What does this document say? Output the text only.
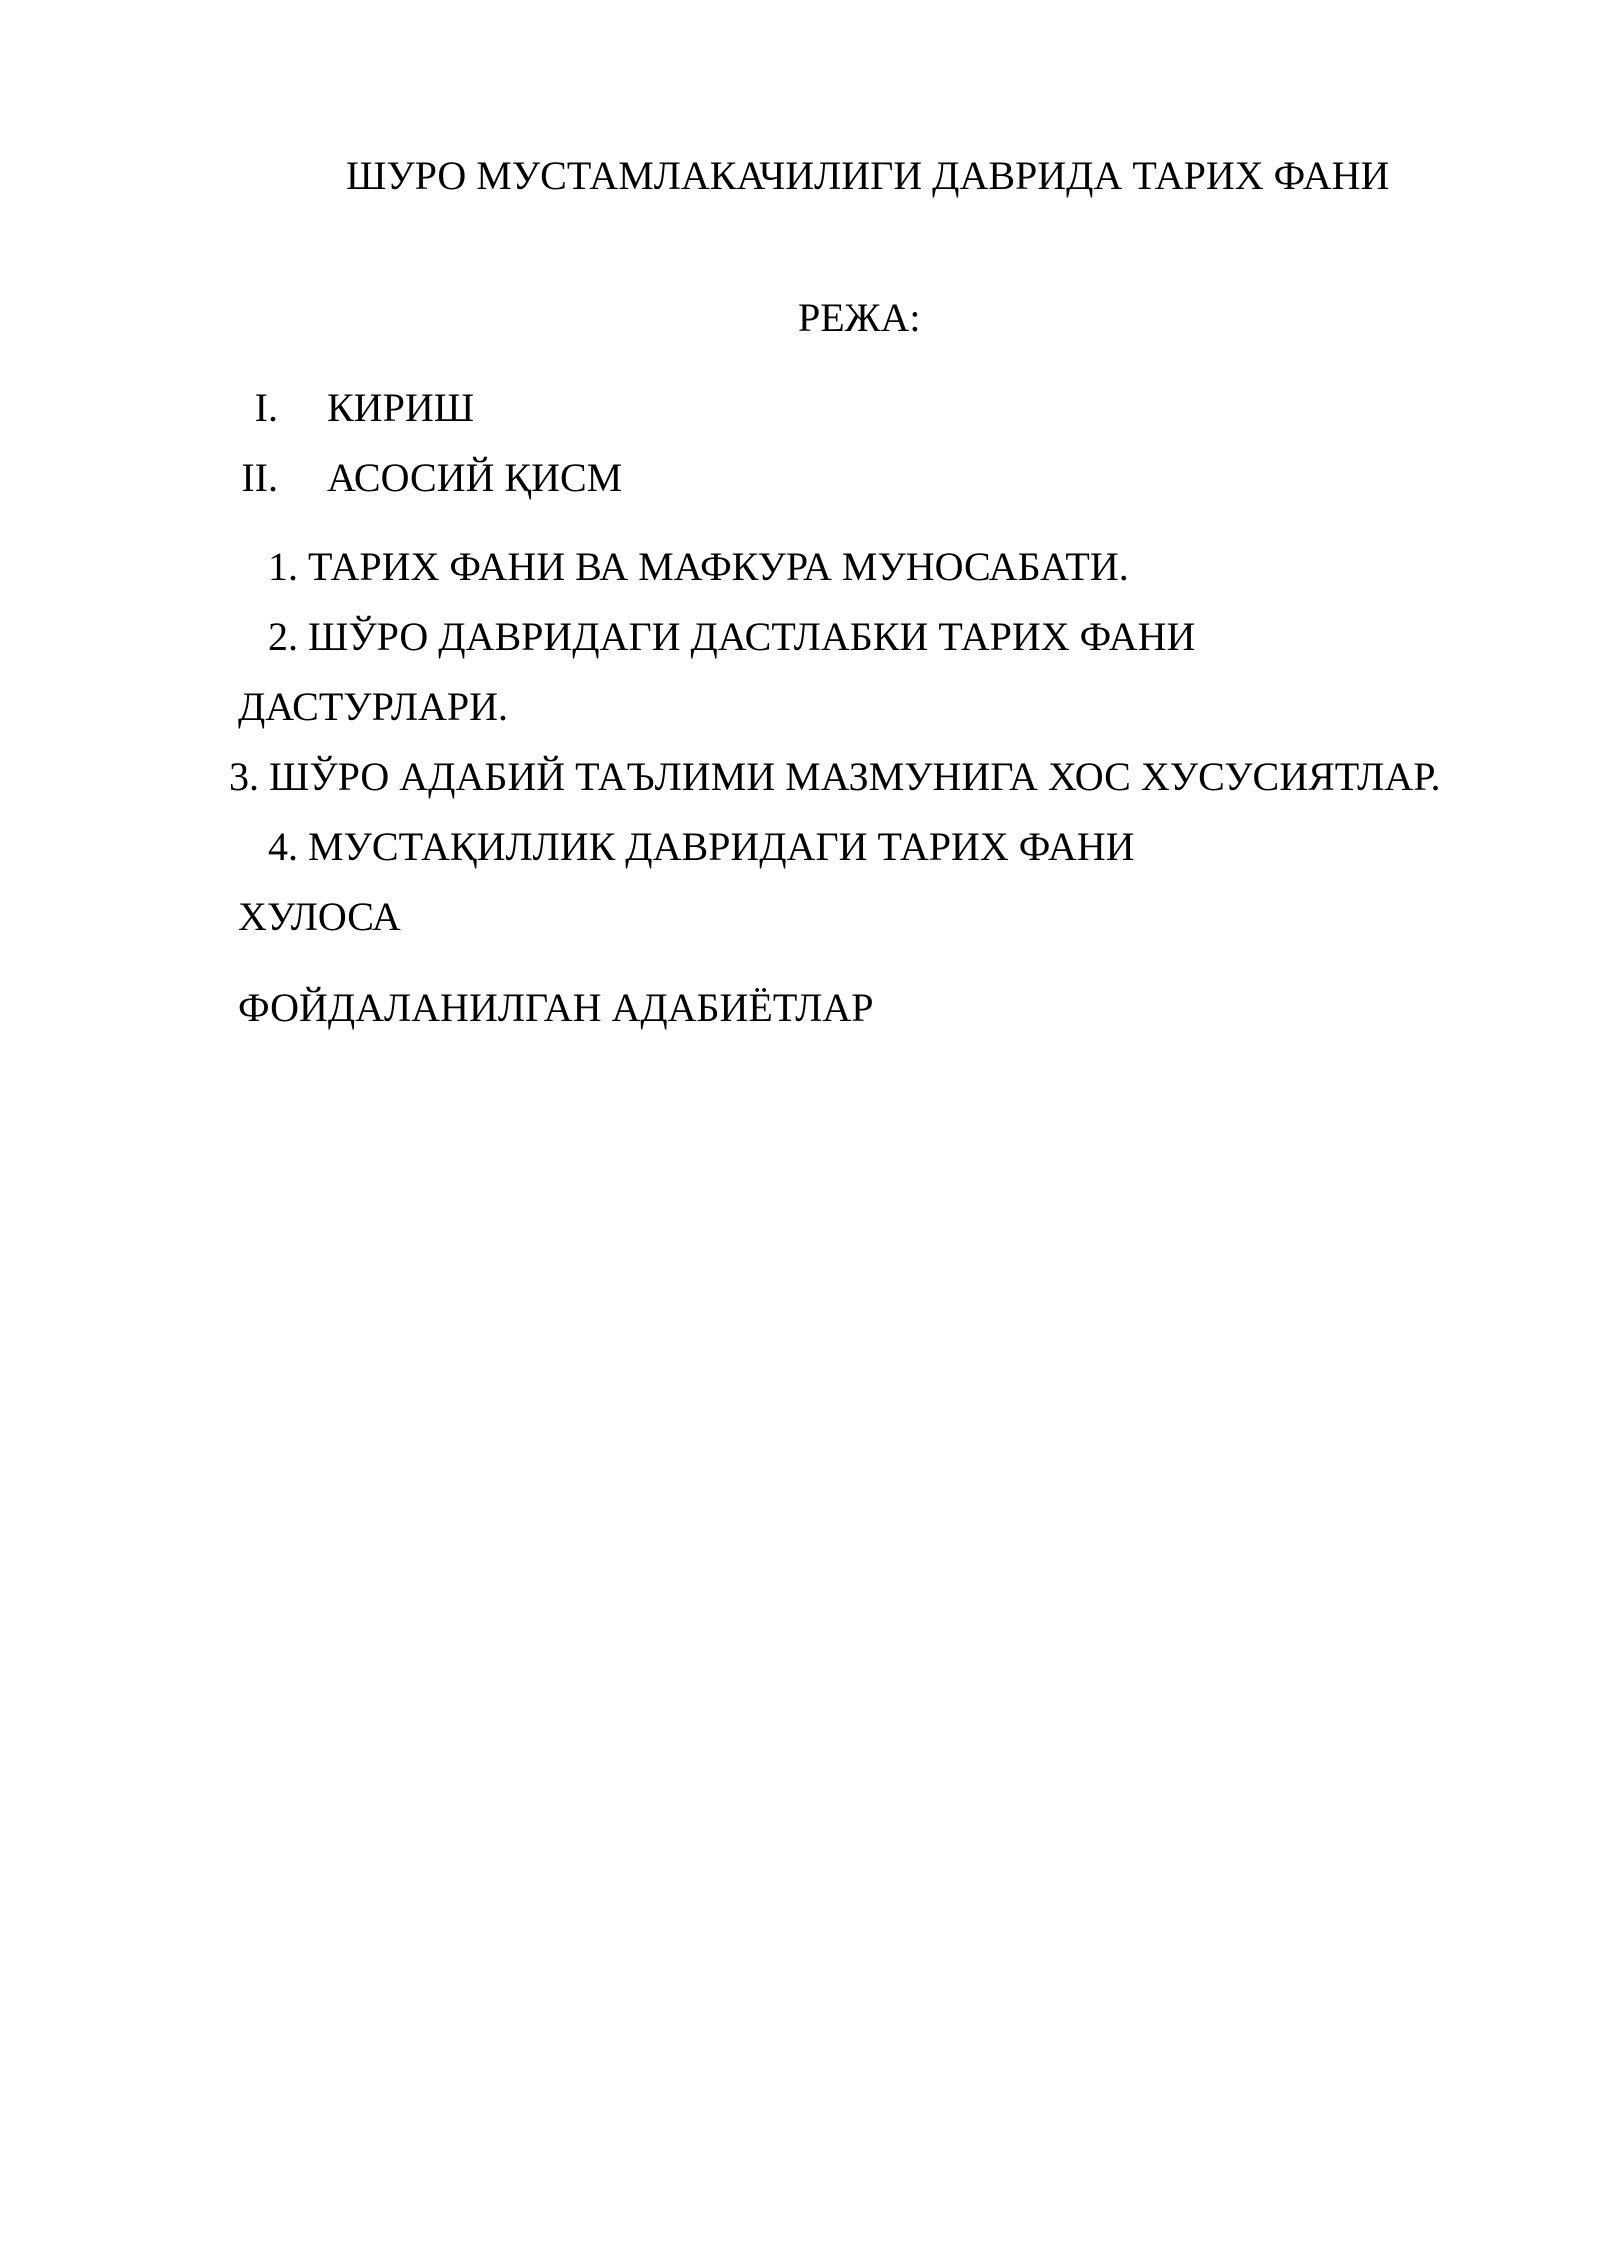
ШУРО МУСТАМЛАКАЧИЛИГИ ДАВРИДА ТАРИХ ФАНИ
РЕЖА:
I. КИРИШ
II. АСОСИЙ ҚИСМ
1. ТАРИХ ФАНИ ВА МАФКУРА МУНОСАБАТИ.
2. ШЎРО ДАВРИДАГИ ДАСТЛАБКИ ТАРИХ ФАНИ
ДАСТУРЛАРИ.
3. ШЎРО АДАБИЙ ТАЪЛИМИ МАЗМУНИГА ХОС ХУСУСИЯТЛАР.
4. МУСТАҚИЛЛИК ДАВРИДАГИ ТАРИХ ФАНИ
ХУЛОСА
ФОЙДАЛАНИЛГАН АДАБИЁТЛАР
